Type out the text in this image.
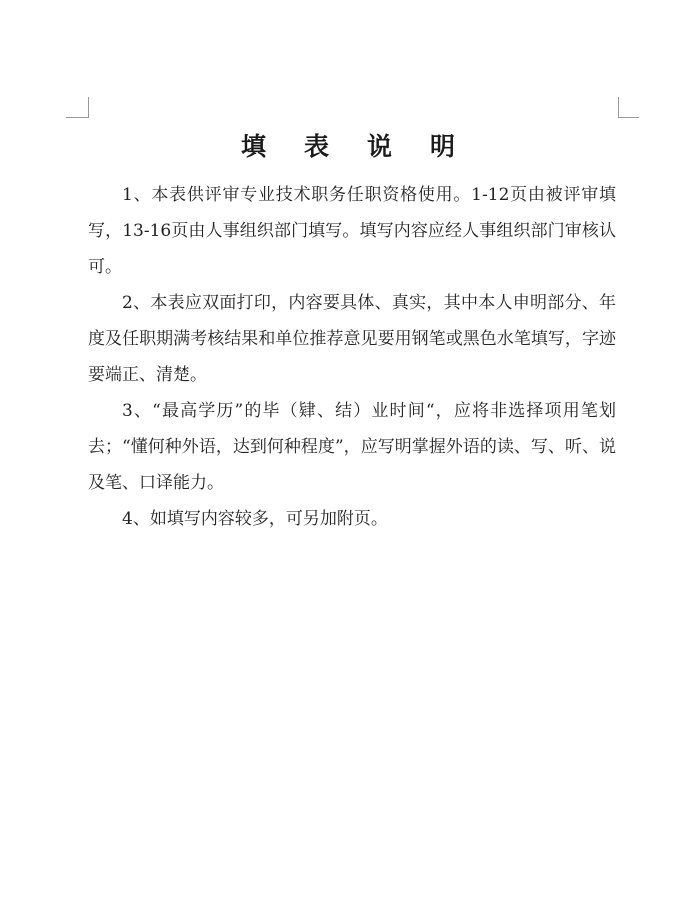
填表说明

1、本表供评审专业技术职务任职资格使用。1-12页由被评审填写，13-16页由人事组织部门填写。填写内容应经人事组织部门审核认可。

2、本表应双面打印，内容要具体、真实，其中本人申明部分、年度及任职期满考核结果和单位推荐意见要用钢笔或黑色水笔填写，字迹要端正、清楚。

3、“最高学历”的毕（肄、结）业时间“，应将非选择项用笔划去；“懂何种外语，达到何种程度”，应写明掌握外语的读、写、听、说及笔、口译能力。

4、如填写内容较多，可另加附页。
